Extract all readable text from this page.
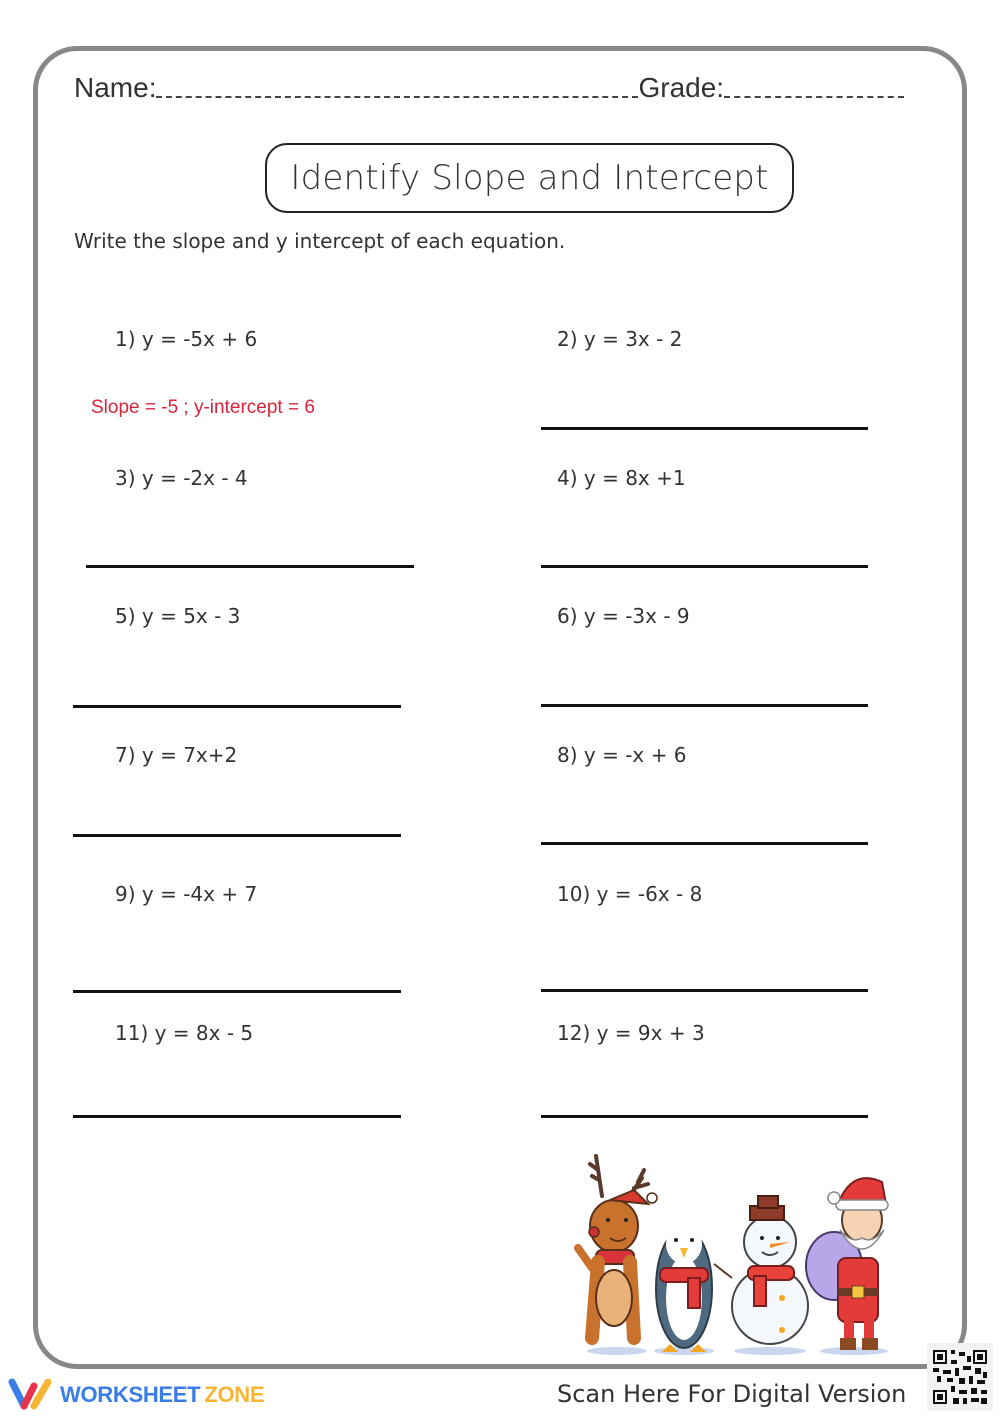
Name:	Grade:
Identify Slope and Intercept
Write the slope and y intercept of each equation.
1) y = -5x + 6
Slope = -5 ; y-intercept = 6
3) y = -2x - 4
5) y = 5x - 3
7) y = 7x+2
9) y = -4x + 7
11) y = 8x - 5
2) y = 3x - 2
4) y = 8x +1
6) y = -3x - 9
8) y = -x + 6
10) y = -6x - 8
12) y = 9x + 3
WORKSHEET ZONE	Scan Here For Digital Version
